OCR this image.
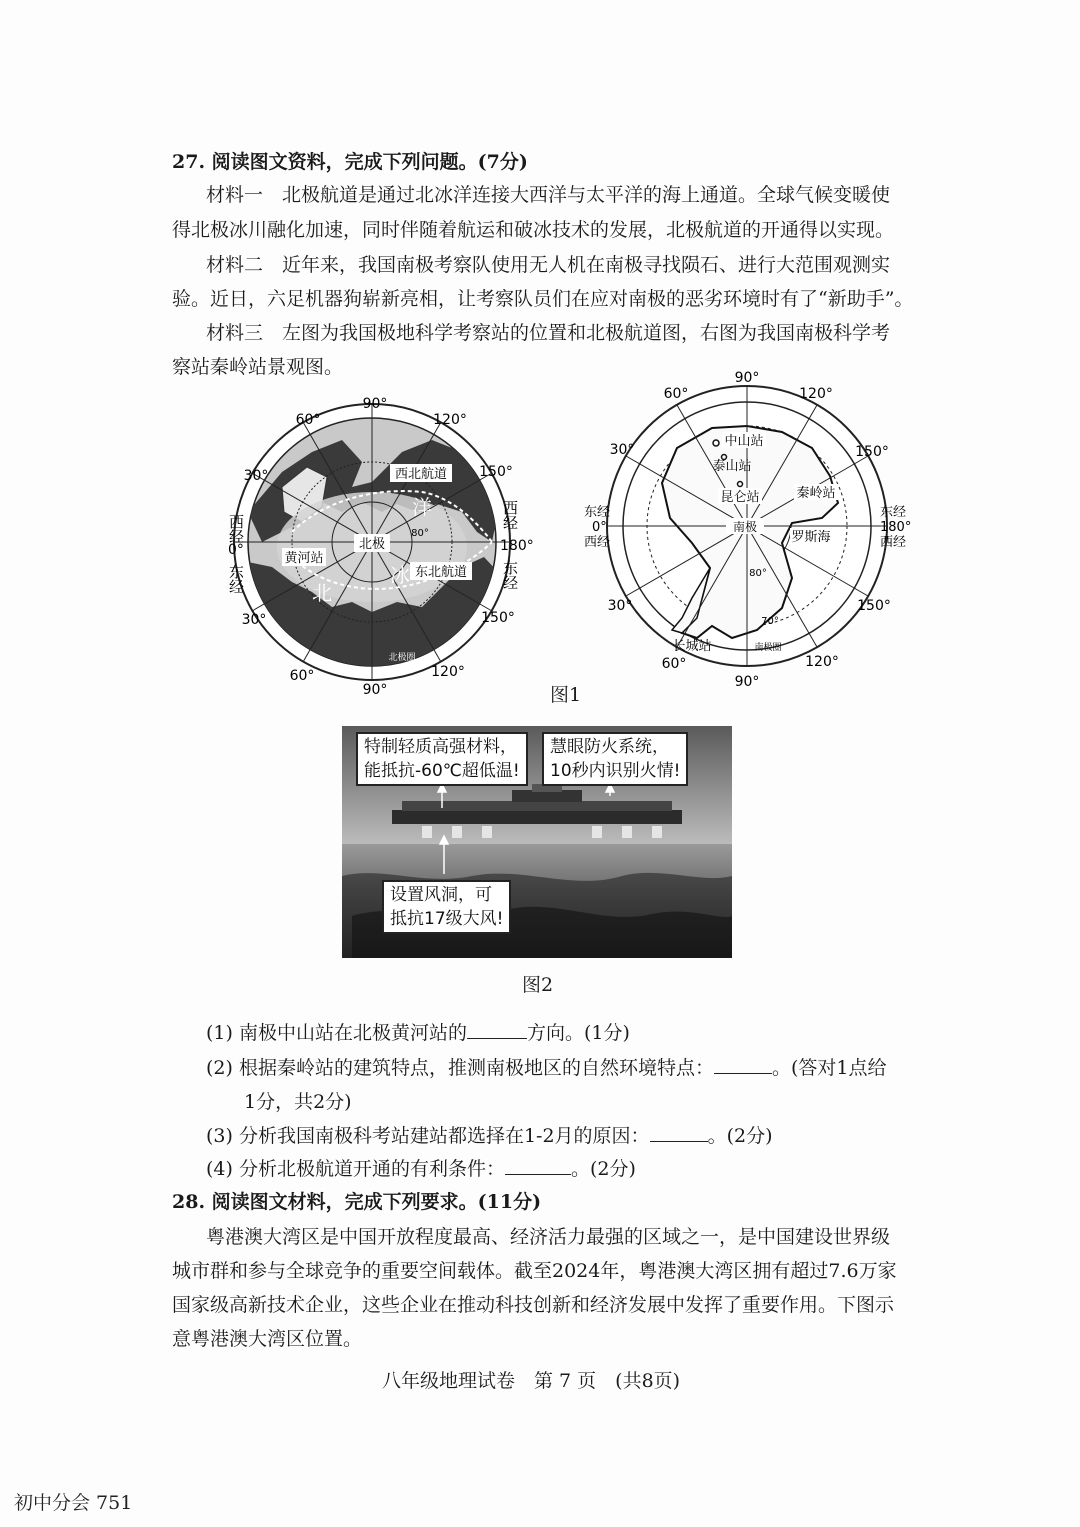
27. 阅读图文资料，完成下列问题。(7分)
材料一　北极航道是通过北冰洋连接大西洋与太平洋的海上通道。全球气候变暖使
得北极冰川融化加速，同时伴随着航运和破冰技术的发展，北极航道的开通得以实现。
材料二　近年来，我国南极考察队使用无人机在南极寻找陨石、进行大范围观测实
验。近日，六足机器狗崭新亮相，让考察队员们在应对南极的恶劣环境时有了“新助手”。
材料三　左图为我国极地科学考察站的位置和北极航道图，右图为我国南极科学考
察站秦岭站景观图。
西北航道
东北航道
北极
黄河站
洋
冰
北
80°
北极圈
90°
120°
60°
30°	150°
30°	150°
60°	120°
90°
西经
0°
东经
西经
180°
东经
中山站
泰山站
昆仑站	秦岭站
南极
罗斯海
长城站
80°
70°
南极圈
90°
120°
60°
30°	150°
30°	150°
60°	120°
90°
东经
0°
西经
东经
180°
西经
图1
特制轻质高强材料，
能抵抗-60℃超低温!
慧眼防火系统，
10秒内识别火情!
设置风洞，可
抵抗17级大风!
图2
(1) 南极中山站在北极黄河站的	方向。(1分)
(2) 根据秦岭站的建筑特点，推测南极地区的自然环境特点：	。(答对1点给
1分，共2分)
(3) 分析我国南极科考站建站都选择在1-2月的原因：	。(2分)
(4) 分析北极航道开通的有利条件：	。(2分)
28. 阅读图文材料，完成下列要求。(11分)
粤港澳大湾区是中国开放程度最高、经济活力最强的区域之一，是中国建设世界级
城市群和参与全球竞争的重要空间载体。截至2024年，粤港澳大湾区拥有超过7.6万家
国家级高新技术企业，这些企业在推动科技创新和经济发展中发挥了重要作用。下图示
意粤港澳大湾区位置。
八年级地理试卷　第 7 页　(共8页)
初中分会 751
